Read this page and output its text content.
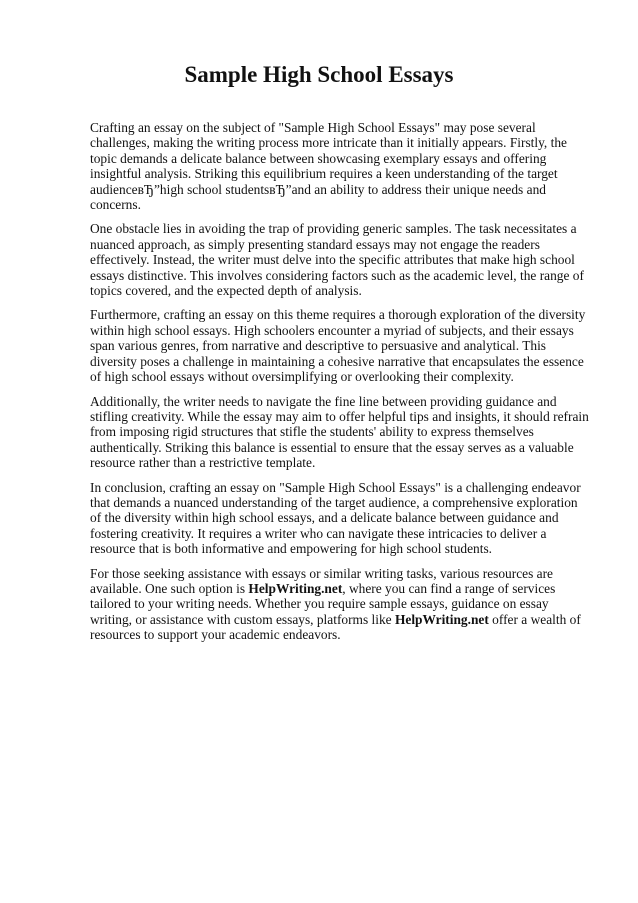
Sample High School Essays

Crafting an essay on the subject of "Sample High School Essays" may pose several challenges, making the writing process more intricate than it initially appears. Firstly, the topic demands a delicate balance between showcasing exemplary essays and offering insightful analysis. Striking this equilibrium requires a keen understanding of the target audienceвЂ”high school studentsвЂ”and an ability to address their unique needs and concerns.

One obstacle lies in avoiding the trap of providing generic samples. The task necessitates a nuanced approach, as simply presenting standard essays may not engage the readers effectively. Instead, the writer must delve into the specific attributes that make high school essays distinctive. This involves considering factors such as the academic level, the range of topics covered, and the expected depth of analysis.

Furthermore, crafting an essay on this theme requires a thorough exploration of the diversity within high school essays. High schoolers encounter a myriad of subjects, and their essays span various genres, from narrative and descriptive to persuasive and analytical. This diversity poses a challenge in maintaining a cohesive narrative that encapsulates the essence of high school essays without oversimplifying or overlooking their complexity.

Additionally, the writer needs to navigate the fine line between providing guidance and stifling creativity. While the essay may aim to offer helpful tips and insights, it should refrain from imposing rigid structures that stifle the students' ability to express themselves authentically. Striking this balance is essential to ensure that the essay serves as a valuable resource rather than a restrictive template.

In conclusion, crafting an essay on "Sample High School Essays" is a challenging endeavor that demands a nuanced understanding of the target audience, a comprehensive exploration of the diversity within high school essays, and a delicate balance between guidance and fostering creativity. It requires a writer who can navigate these intricacies to deliver a resource that is both informative and empowering for high school students.

For those seeking assistance with essays or similar writing tasks, various resources are available. One such option is HelpWriting.net, where you can find a range of services tailored to your writing needs. Whether you require sample essays, guidance on essay writing, or assistance with custom essays, platforms like HelpWriting.net offer a wealth of resources to support your academic endeavors.
